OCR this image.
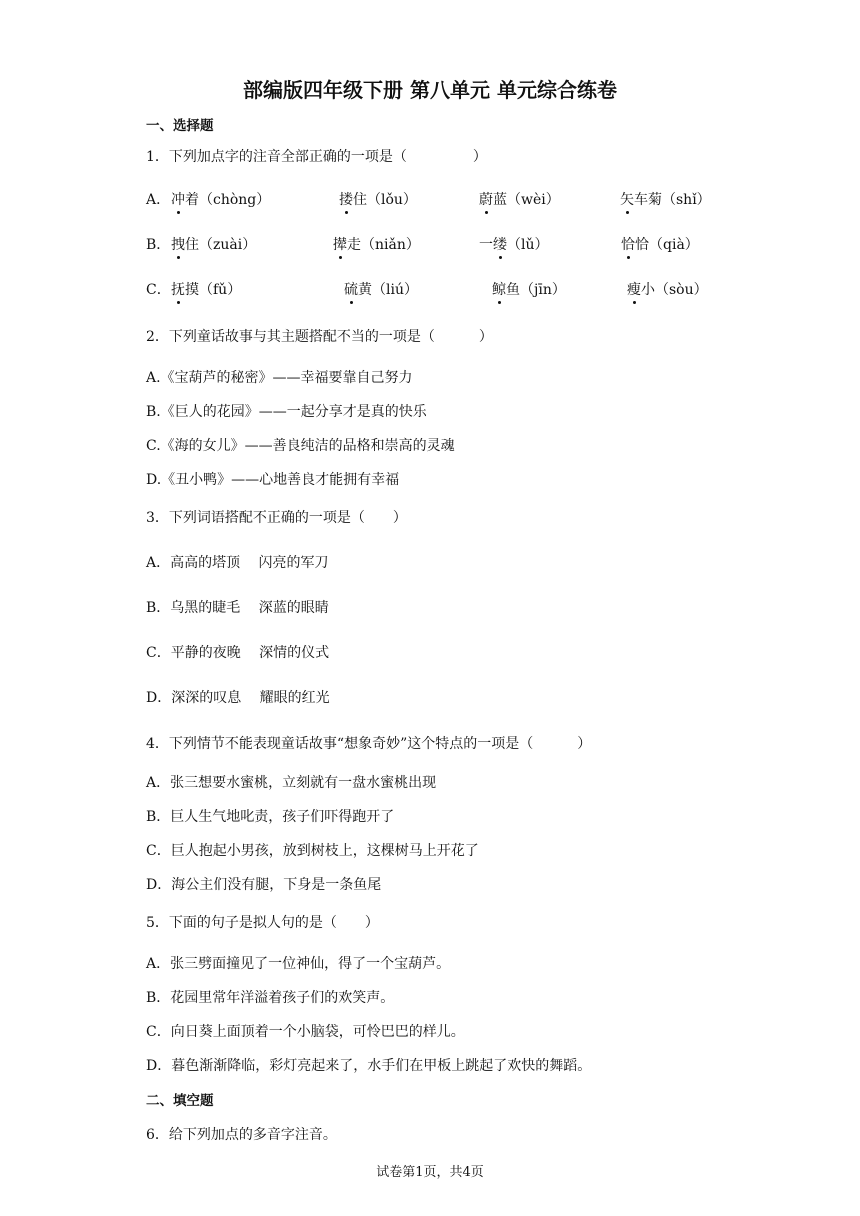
部编版四年级下册 第八单元 单元综合练卷
一、选择题
1．下列加点字的注音全部正确的一项是（	）
A． 冲着（chòng）	搂住（lǒu）	蔚蓝（wèi）	矢车菊（shǐ）
B． 拽住（zuài）	撵走（niǎn）	一缕（lǔ）	恰恰（qià）
C． 抚摸（fǔ）	硫黄（liú）	鲸鱼（jīn）	瘦小（sòu）
2．下列童话故事与其主题搭配不当的一项是（	）
A.《宝葫芦的秘密》——幸福要靠自己努力
B.《巨人的花园》——一起分享才是真的快乐
C.《海的女儿》——善良纯洁的品格和崇高的灵魂
D.《丑小鸭》——心地善良才能拥有幸福
3．下列词语搭配不正确的一项是（ ）
A．高高的塔顶　 闪亮的军刀
B．乌黑的睫毛　 深蓝的眼睛
C．平静的夜晚　 深情的仪式
D．深深的叹息　 耀眼的红光
4．下列情节不能表现童话故事“想象奇妙”这个特点的一项是（	）
A．张三想要水蜜桃，立刻就有一盘水蜜桃出现
B．巨人生气地叱责，孩子们吓得跑开了
C．巨人抱起小男孩，放到树枝上，这棵树马上开花了
D．海公主们没有腿，下身是一条鱼尾
5．下面的句子是拟人句的是（ ）
A．张三劈面撞见了一位神仙，得了一个宝葫芦。
B．花园里常年洋溢着孩子们的欢笑声。
C．向日葵上面顶着一个小脑袋，可怜巴巴的样儿。
D．暮色渐渐降临，彩灯亮起来了，水手们在甲板上跳起了欢快的舞蹈。
二、填空题
6．给下列加点的多音字注音。
试卷第1页，共4页
